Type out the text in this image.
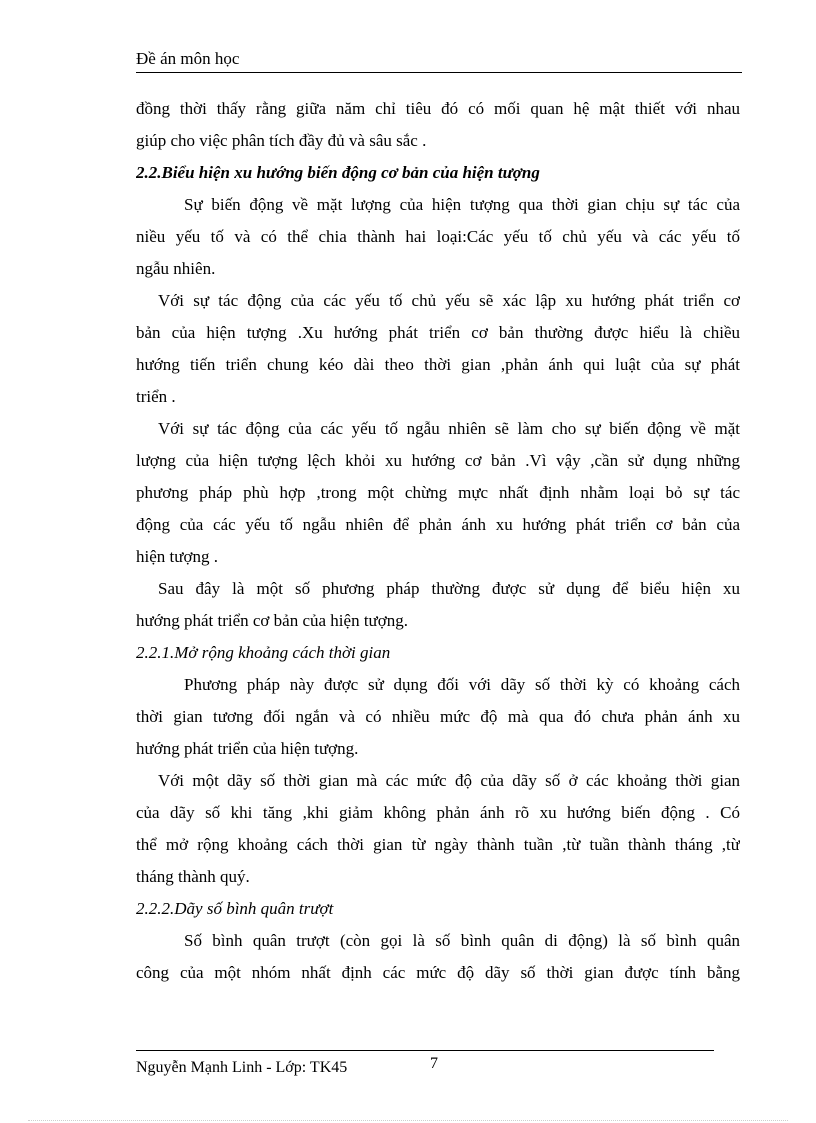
Đề án môn học
đồng thời thấy rằng giữa năm chỉ tiêu đó có mối quan hệ mật thiết với nhau
giúp cho việc phân tích đầy đủ và sâu sắc .
2.2.Biểu hiện xu hướng biến động cơ bản của hiện tượng
Sự biến động về mặt lượng của hiện tượng qua thời gian chịu sự tác của
niều yếu tố và có thể chia thành hai loại:Các yếu tố chủ yếu và các yếu tố
ngẫu nhiên.
Với sự tác động của các yếu tố chủ yếu sẽ xác lập xu hướng phát triển cơ
bản của hiện tượng .Xu hướng phát triển cơ bản thường được hiểu là chiều
hướng tiến triển chung kéo dài theo thời gian ,phản ánh qui luật của sự phát
triển .
Với sự tác động của các yếu tố ngẫu nhiên sẽ làm cho sự biến động về mặt
lượng của hiện tượng lệch khỏi xu hướng cơ bản .Vì vậy ,cần sử dụng những
phương pháp phù hợp ,trong một chừng mực nhất định nhằm loại bỏ sự tác
động của các yếu tố ngẫu nhiên để phản ánh xu hướng phát triển cơ bản của
hiện tượng .
Sau đây là một số phương pháp thường được sử dụng để biểu hiện xu
hướng phát triển cơ bản của hiện tượng.
2.2.1.Mở rộng khoảng cách thời gian
Phương pháp này được sử dụng đối với dãy số thời kỳ có khoảng cách
thời gian tương đối ngắn và có nhiều mức độ mà qua đó chưa phản ánh xu
hướng phát triển của hiện tượng.
Với một dãy số thời gian mà các mức độ của dãy số ở các khoảng thời gian
của dãy số khi tăng ,khi giảm không phản ánh rõ xu hướng biến động . Có
thể mở rộng khoảng cách thời gian từ ngày thành tuần ,từ tuần thành tháng ,từ
tháng thành quý.
2.2.2.Dãy số bình quân trượt
Số bình quân trượt (còn gọi là số bình quân di động) là số bình quân
công của một nhóm nhất định các mức độ dãy số thời gian được tính bằng
Nguyễn Mạnh Linh - Lớp: TK45	7
